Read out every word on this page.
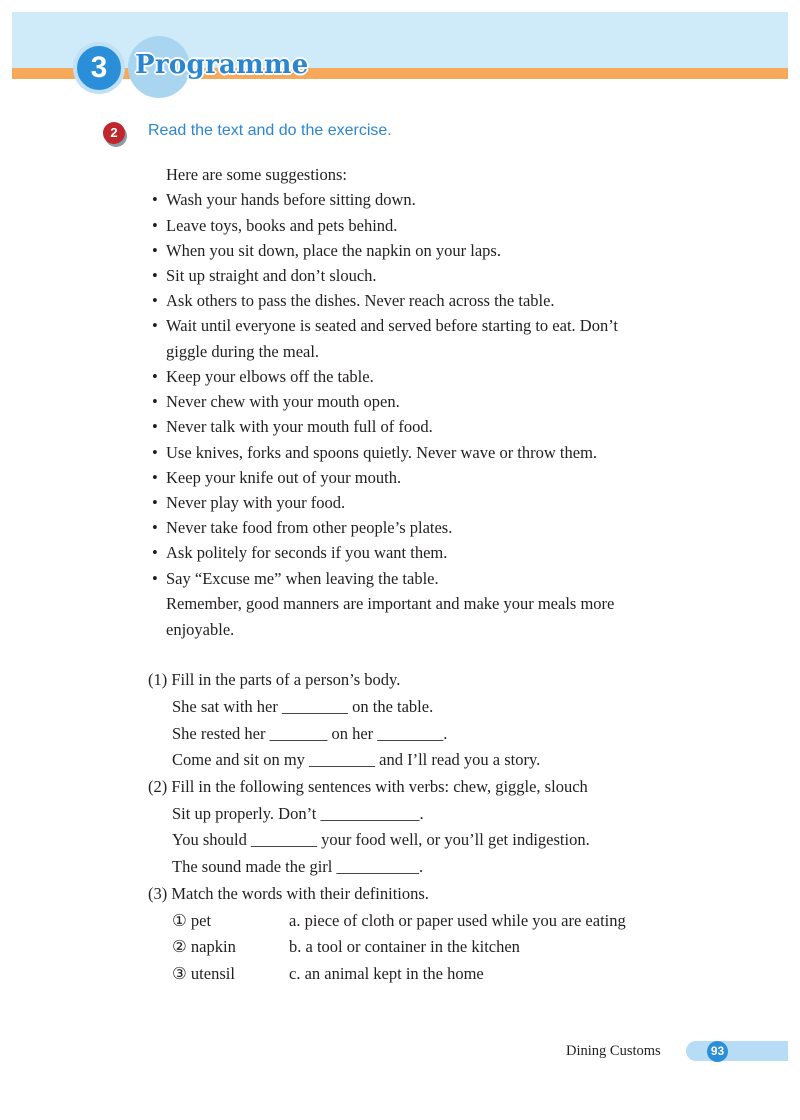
3	Programme
2	Read the text and do the exercise.
Here are some suggestions:
• Wash your hands before sitting down.
• Leave toys, books and pets behind.
• When you sit down, place the napkin on your laps.
• Sit up straight and don’t slouch.
• Ask others to pass the dishes. Never reach across the table.
• Wait until everyone is seated and served before starting to eat. Don’t
giggle during the meal.
• Keep your elbows off the table.
• Never chew with your mouth open.
• Never talk with your mouth full of food.
• Use knives, forks and spoons quietly. Never wave or throw them.
• Keep your knife out of your mouth.
• Never play with your food.
• Never take food from other people’s plates.
• Ask politely for seconds if you want them.
• Say “Excuse me” when leaving the table.
Remember, good manners are important and make your meals more
enjoyable.
(1) Fill in the parts of a person’s body.
She sat with her ________ on the table.
She rested her _______ on her ________.
Come and sit on my ________ and I’ll read you a story.
(2) Fill in the following sentences with verbs: chew, giggle, slouch
Sit up properly. Don’t ____________.
You should ________ your food well, or you’ll get indigestion.
The sound made the girl __________.
(3) Match the words with their definitions.
① pet	a. piece of cloth or paper used while you are eating
② napkin	b. a tool or container in the kitchen
③ utensil	c. an animal kept in the home
Dining Customs	93
